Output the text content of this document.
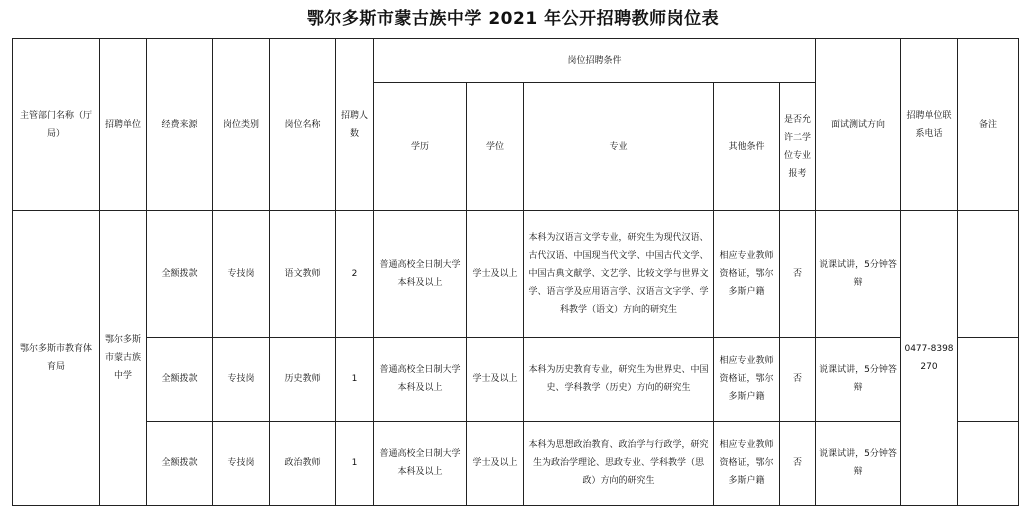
鄂尔多斯市蒙古族中学 2021 年公开招聘教师岗位表
主管部门名称（厅局）	招聘单位	经费来源	岗位类别	岗位名称	招聘人数	岗位招聘条件					面试测试方向	招聘单位联系电话	备注
						学历	学位	专业	其他条件	是否允许二学位专业报考			
鄂尔多斯市教育体育局	鄂尔多斯市蒙古族中学	全额拨款	专技岗	语文教师	2	普通高校全日制大学本科及以上	学士及以上	本科为汉语言文学专业，研究生为现代汉语、古代汉语、中国现当代文学、中国古代文学、中国古典文献学、文艺学、比较文学与世界文学、语言学及应用语言学、汉语言文字学、学科教学（语文）方向的研究生	相应专业教师资格证，鄂尔多斯户籍	否	说课试讲，5分钟答辩	0477-8398270	
		全额拨款	专技岗	历史教师	1	普通高校全日制大学本科及以上	学士及以上	本科为历史教育专业，研究生为世界史、中国史、学科教学（历史）方向的研究生	相应专业教师资格证，鄂尔多斯户籍	否	说课试讲，5分钟答辩		
		全额拨款	专技岗	政治教师	1	普通高校全日制大学本科及以上	学士及以上	本科为思想政治教育、政治学与行政学，研究生为政治学理论、思政专业、学科教学（思政）方向的研究生	相应专业教师资格证，鄂尔多斯户籍	否	说课试讲，5分钟答辩		
